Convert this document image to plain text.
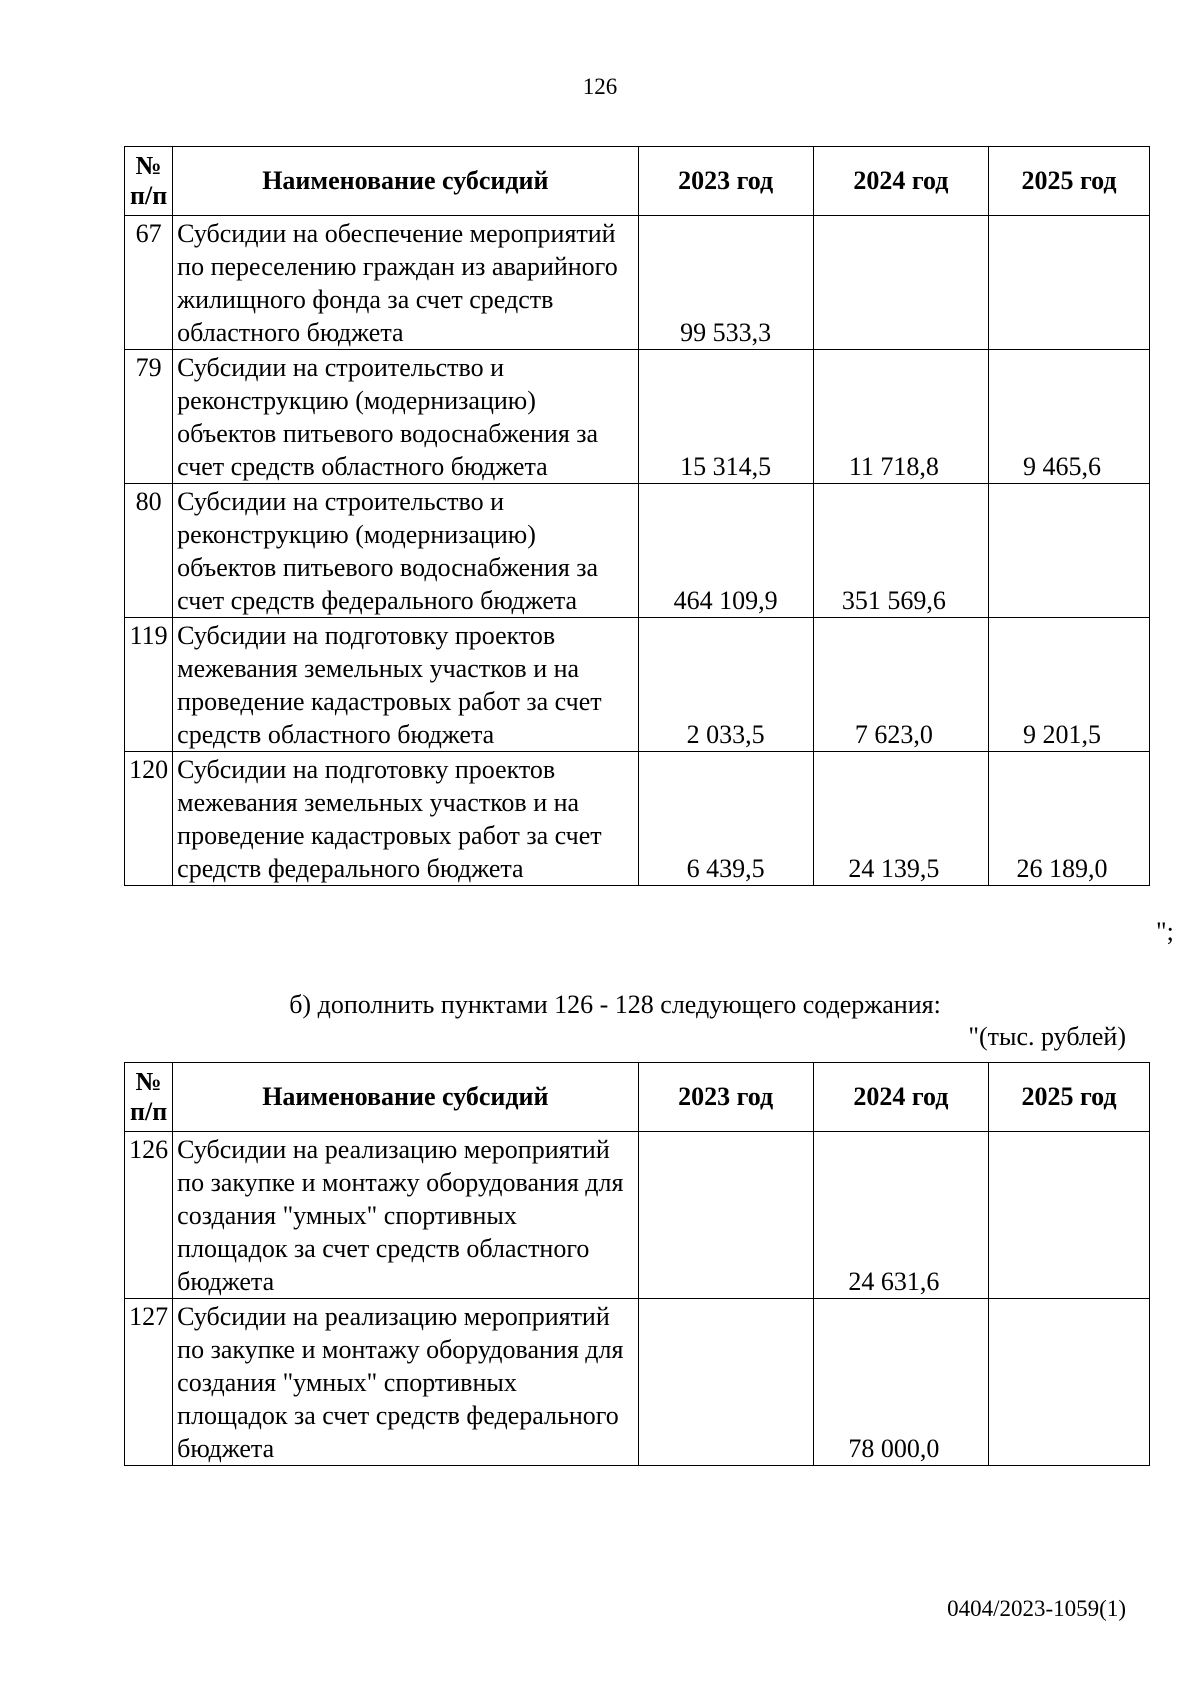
126
№
п/п	Наименование субсидий	2023 год	2024 год	2025 год
67	Субсидии на обеспечение мероприятий по переселению граждан из аварийного жилищного фонда за счет средств областного бюджета	99 533,3		
79	Субсидии на строительство и реконструкцию (модернизацию) объектов питьевого водоснабжения за счет средств областного бюджета	15 314,5	11 718,8	9 465,6
80	Субсидии на строительство и реконструкцию (модернизацию) объектов питьевого водоснабжения за счет средств федерального бюджета	464 109,9	351 569,6	
119	Субсидии на подготовку проектов межевания земельных участков и на проведение кадастровых работ за счет средств областного бюджета	2 033,5	7 623,0	9 201,5
120	Субсидии на подготовку проектов межевания земельных участков и на проведение кадастровых работ за счет средств федерального бюджета	6 439,5	24 139,5	26 189,0
";
б) дополнить пунктами 126 - 128 следующего содержания:
"(тыс. рублей)
№
п/п	Наименование субсидий	2023 год	2024 год	2025 год
126	Субсидии на реализацию мероприятий по закупке и монтажу оборудования для создания "умных" спортивных площадок за счет средств областного бюджета		24 631,6	
127	Субсидии на реализацию мероприятий по закупке и монтажу оборудования для создания "умных" спортивных площадок за счет средств федерального бюджета		78 000,0	
0404/2023-1059(1)
